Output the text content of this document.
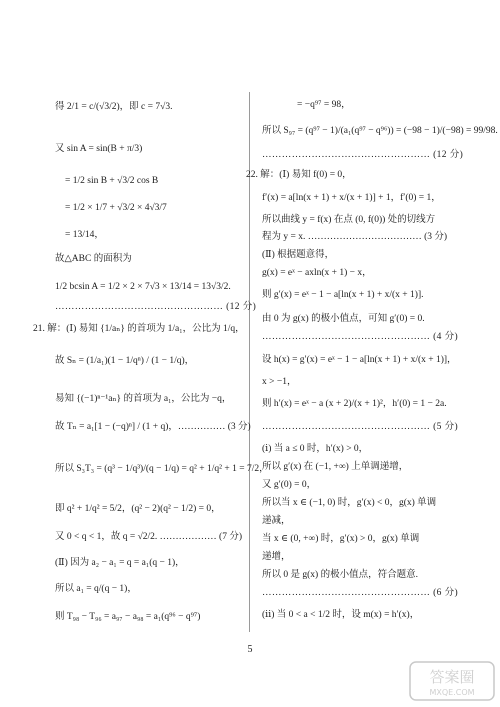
得 2/1 = c/(√3/2)，即 c = 7√3.
又 sin A = sin(B + π/3)
= 1/2 sin B + √3/2 cos B
= 1/2 × 1/7 + √3/2 × 4√3/7
= 13/14，
故△ABC 的面积为
1/2 bcsin A = 1/2 × 2 × 7√3 × 13/14 = 13√3/2.
…………………………………………… (12 分)
21. 解：(Ⅰ) 易知 {1/aₙ} 的首项为 1/a₁，公比为 1/q，
故 Sₙ = (1/a₁)(1 − 1/qⁿ) / (1 − 1/q)，
易知 {(−1)ⁿ⁻¹aₙ} 的首项为 a₁，公比为 −q，
故 Tₙ = a₁[1 − (−q)ⁿ] / (1 + q)，…………… (3 分)
所以 S₃T₃ = (q³ − 1/q³)/(q − 1/q) = q² + 1/q² + 1 = 7/2，
即 q² + 1/q² = 5/2，(q² − 2)(q² − 1/2) = 0，
又 0 < q < 1，故 q = √2/2. ……………… (7 分)
(Ⅱ) 因为 a₂ − a₁ = q = a₁(q − 1)，
所以 a₁ = q/(q − 1)，
则 T₉₈ − T₉₆ = a₉₇ − a₉₈ = a₁(q⁹⁶ − q⁹⁷)
= −q⁹⁷ = 98，
所以 S₉₇ = (q⁹⁷ − 1)/(a₁(q⁹⁷ − q⁹⁶)) = (−98 − 1)/(−98) = 99/98.
…………………………………………… (12 分)
22. 解：(Ⅰ) 易知 f(0) = 0，
f′(x) = a[ln(x + 1) + x/(x + 1)] + 1，f′(0) = 1，
所以曲线 y = f(x) 在点 (0, f(0)) 处的切线方
程为 y = x. ……………………………… (3 分)
(Ⅱ) 根据题意得，
g(x) = eˣ − axln(x + 1) − x，
则 g′(x) = eˣ − 1 − a[ln(x + 1) + x/(x + 1)].
由 0 为 g(x) 的极小值点，可知 g′(0) = 0.
…………………………………………… (4 分)
设 h(x) = g′(x) = eˣ − 1 − a[ln(x + 1) + x/(x + 1)]，
x > −1，
则 h′(x) = eˣ − a (x + 2)/(x + 1)²，h′(0) = 1 − 2a.
…………………………………………… (5 分)
(ⅰ) 当 a ≤ 0 时，h′(x) > 0，
所以 g′(x) 在 (−1, +∞) 上单调递增，
又 g′(0) = 0，
所以当 x ∈ (−1, 0) 时，g′(x) < 0，g(x) 单调
递减，
当 x ∈ (0, +∞) 时，g′(x) > 0，g(x) 单调
递增，
所以 0 是 g(x) 的极小值点，符合题意.
…………………………………………… (6 分)
(ⅱ) 当 0 < a < 1/2 时，设 m(x) = h′(x)，
5
答案圈
MXQE.COM
